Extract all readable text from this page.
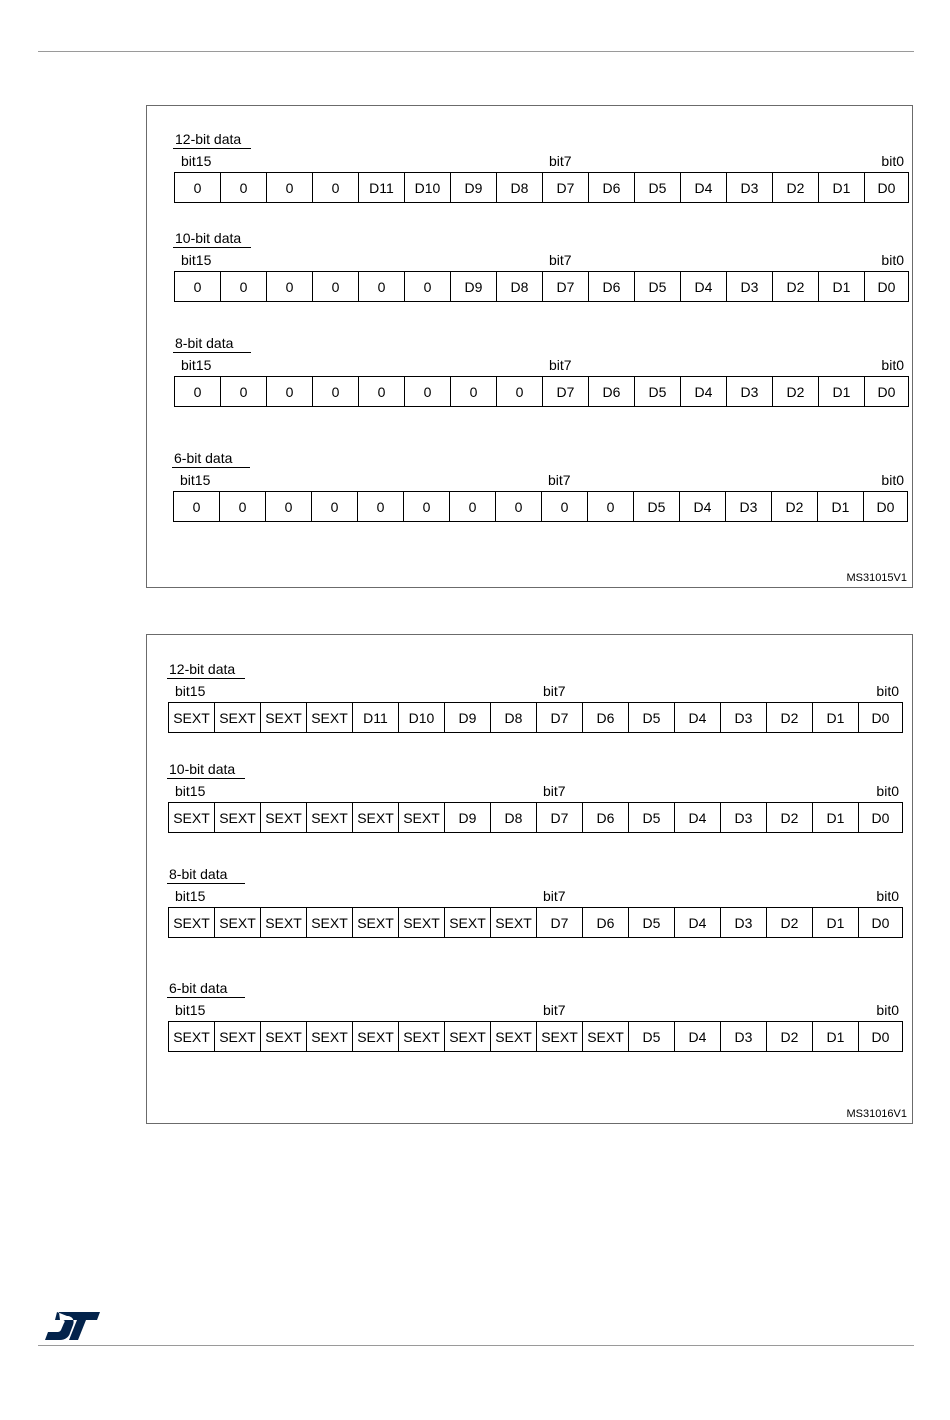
12-bit data
bit15	bit7	bit0
0	0	0	0	D11	D10	D9	D8	D7	D6	D5	D4	D3	D2	D1	D0
10-bit data
bit15	bit7	bit0
0	0	0	0	0	0	D9	D8	D7	D6	D5	D4	D3	D2	D1	D0
8-bit data
bit15	bit7	bit0
0	0	0	0	0	0	0	0	D7	D6	D5	D4	D3	D2	D1	D0
6-bit data
bit15	bit7	bit0
0	0	0	0	0	0	0	0	0	0	D5	D4	D3	D2	D1	D0
MS31015V1
12-bit data
bit15	bit7	bit0
SEXT SEXT SEXT SEXT	D11	D10	D9	D8	D7	D6	D5	D4	D3	D2	D1	D0
10-bit data
bit15	bit7	bit0
SEXT SEXT SEXT SEXT SEXT SEXT	D9	D8	D7	D6	D5	D4	D3	D2	D1	D0
8-bit data
bit15	bit7	bit0
SEXT SEXT SEXT SEXT SEXT SEXT SEXT SEXT	D7	D6	D5	D4	D3	D2	D1	D0
6-bit data
bit15	bit7	bit0
SEXT SEXT SEXT SEXT SEXT SEXT SEXT SEXT SEXT SEXT	D5	D4	D3	D2	D1	D0
MS31016V1
